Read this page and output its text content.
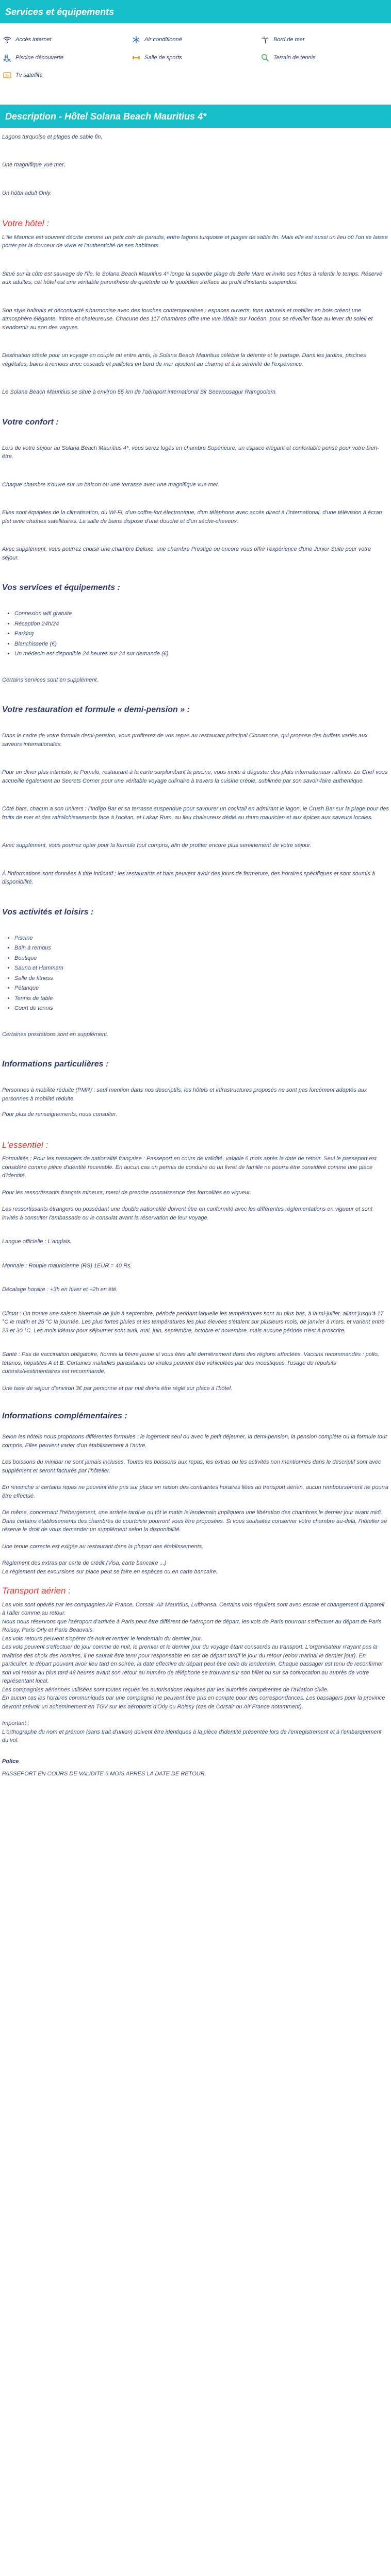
Services et équipements
Accès internet	Air conditionné	Bord de mer
Piscine découverte	Salle de sports	Terrain de tennis
TV Tv satellite
Description - Hôtel Solana Beach Mauritius 4*

Lagons turquoise et plages de sable fin,

Une magnifique vue mer,

Un hôtel adult Only.

Votre hôtel :

L'île Maurice est souvent décrite comme un petit coin de paradis, entre lagons turquoise et plages de sable fin. Mais elle est aussi un lieu où l'on se laisse porter par la douceur de vivre et l'authenticité de ses habitants.

Situé sur la côte est sauvage de l'île, le Solana Beach Mauritius 4* longe la superbe plage de Belle Mare et invite ses hôtes à ralentir le temps. Réservé aux adultes, cet hôtel est une véritable parenthèse de quiétude où le quotidien s'efface au profit d'instants suspendus.

Son style balinais et décontracté s'harmonise avec des touches contemporaines : espaces ouverts, tons naturels et mobilier en bois créent une atmosphère élégante, intime et chaleureuse. Chacune des 117 chambres offre une vue idéale sur l'océan, pour se réveiller face au lever du soleil et s'endormir au son des vagues.

Destination idéale pour un voyage en couple ou entre amis, le Solana Beach Mauritius célèbre la détente et le partage. Dans les jardins, piscines végétales, bains à remous avec cascade et paillotes en bord de mer ajoutent au charme et à la sérénité de l'expérience.

Le Solana Beach Mauritius se situe à environ 55 km de l'aéroport international Sir Seewoosagur Ramgoolam.

Votre confort :

Lors de votre séjour au Solana Beach Mauritius 4*, vous serez logés en chambre Supérieure, un espace élégant et confortable pensé pour votre bien-être.

Chaque chambre s'ouvre sur un balcon ou une terrasse avec une magnifique vue mer.

Elles sont équipées de la climatisation, du Wi-Fi, d'un coffre-fort électronique, d'un téléphone avec accès direct à l'international, d'une télévision à écran plat avec chaînes satellitaires. La salle de bains dispose d'une douche et d'un sèche-cheveux.

Avec supplément, vous pourrez choisir une chambre Deluxe, une chambre Prestige ou encore vous offrir l'expérience d'une Junior Suite pour votre séjour.

Vos services et équipements :
• Connexion wifi gratuite
• Réception 24h/24
• Parking
• Blanchisserie (€)
• Un médecin est disponible 24 heures sur 24 sur demande (€)

Certains services sont en supplément.

Votre restauration et formule « demi-pension » :

Dans le cadre de votre formule demi-pension, vous profiterez de vos repas au restaurant principal Cinnamone, qui propose des buffets variés aux saveurs internationales.

Pour un dîner plus intimiste, le Pomelo, restaurant à la carte surplombant la piscine, vous invite à déguster des plats internationaux raffinés. Le Chef vous accueille également au Secrets Corner pour une véritable voyage culinaire à travers la cuisine créole, sublimée par son savoir-faire authentique.

Côté bars, chacun a son univers : l'Indigo Bar et sa terrasse suspendue pour savourer un cocktail en admirant le lagon, le Crush Bar sur la plage pour des fruits de mer et des rafraîchissements face à l'océan, et Lakaz Rum, au lieu chaleureux dédié au rhum mauricien et aux épices aux saveurs locales.

Avec supplément, vous pourrez opter pour la formule tout compris, afin de profiter encore plus sereinement de votre séjour.

À l'informations sont données à titre indicatif ; les restaurants et bars peuvent avoir des jours de fermeture, des horaires spécifiques et sont soumis à disponibilité.

Vos activités et loisirs :
• Piscine
• Bain à remous
• Boutique
• Sauna et Hammam
• Salle de fitness
• Pétanque
• Tennis de table
• Court de tennis

Certaines prestations sont en supplément.

Informations particulières :

Personnes à mobilité réduite (PMR) : sauf mention dans nos descriptifs, les hôtels et infrastructures proposés ne sont pas forcément adaptés aux personnes à mobilité réduite.

Pour plus de renseignements, nous consulter.

L'essentiel :

Formalités : Pour les passagers de nationalité française : Passeport en cours de validité, valable 6 mois après la date de retour. Seul le passeport est considéré comme pièce d'identité recevable. En aucun cas un permis de conduire ou un livret de famille ne pourra être considéré comme une pièce d'identité.

Pour les ressortissants français mineurs, merci de prendre connaissance des formalités en vigueur.

Les ressortissants étrangers ou possédant une double nationalité doivent être en conformité avec les différentes réglementations en vigueur et sont invités à consulter l'ambassade ou le consulat avant la réservation de leur voyage.

Langue officielle : L'anglais.

Monnaie : Roupie mauricienne (RS) 1EUR = 40 Rs.

Décalage horaire : +3h en hiver et +2h en été.

Climat : On trouve une saison hivernale de juin à septembre, période pendant laquelle les températures sont au plus bas, à la mi-juillet, allant jusqu'à 17 °C le matin et 25 °C la journée. Les plus fortes pluies et les températures les plus élevées s'étalent sur plusieurs mois, de janvier à mars, et varient entre 23 et 30 °C. Les mois idéaux pour séjourner sont avril, mai, juin, septembre, octobre et novembre, mais aucune période n'est à proscrire.

Santé : Pas de vaccination obligatoire, hormis la fièvre jaune si vous êtes allé dernièrement dans des régions affectées. Vaccins recommandés : polio, tétanos, hépatites A et B. Certaines maladies parasitaires ou virales peuvent être véhiculées par des moustiques, l'usage de répulsifs cutanés/vestimentaires est recommandé.

Une taxe de séjour d'environ 3€ par personne et par nuit devra être réglé sur place à l'hôtel.

Informations complémentaires :

Selon les hôtels nous proposons différentes formules : le logement seul ou avec le petit déjeuner, la demi-pension, la pension complète ou la formule tout compris. Elles peuvent varier d'un établissement à l'autre.

Les boissons du minibar ne sont jamais incluses. Toutes les boissons aux repas, les extras ou les activités non mentionnés dans le descriptif sont avec supplément et seront facturés par l'hôtelier.

En revanche si certains repas ne peuvent être pris sur place en raison des contraintes horaires liées au transport aérien, aucun remboursement ne pourra être effectué.

De même, concernant l'hébergement, une arrivée tardive ou tôt le matin le lendemain impliquera une libération des chambres le dernier jour avant midi. Dans certains établissements des chambres de courtoisie pourront vous être proposées. Si vous souhaitez conserver votre chambre au-delà, l'hôtelier se réserve le droit de vous demander un supplément selon la disponibilité.

Une tenue correcte est exigée au restaurant dans la plupart des établissements.

Règlement des extras par carte de crédit (Visa, carte bancaire ...)
Le règlement des excursions sur place peut se faire en espèces ou en carte bancaire.

Transport aérien :

Les vols sont opérés par les compagnies Air France, Corsair, Air Mauritius, Lufthansa. Certains vols réguliers sont avec escale et changement d'appareil à l'aller comme au retour.
Nous nous réservons que l'aéroport d'arrivée à Paris peut être différent de l'aéroport de départ, les vols de Paris pourront s'effectuer au départ de Paris Roissy, Paris Orly et Paris Beauvais.
Les vols retours peuvent s'opérer de nuit et rentrer le lendemain du dernier jour.
Les vols peuvent s'effectuer de jour comme de nuit, le premier et le dernier jour du voyage étant consacrés au transport. L'organisateur n'ayant pas la maîtrise des choix des horaires, il ne saurait être tenu pour responsable en cas de départ tardif le jour du retour (et/ou matinal le dernier jour). En particulier, le départ pouvant avoir lieu tard en soirée, la date effective du départ peut être celle du lendemain. Chaque passager est tenu de reconfirmer son vol retour au plus tard 48 heures avant son retour au numéro de téléphone se trouvant sur son billet ou sur sa convocation au auprès de votre représentant local.
Les compagnies aériennes utilisées sont toutes reçues les autorisations requises par les autorités compétentes de l'aviation civile.
En aucun cas les horaires communiqués par une compagnie ne peuvent être pris en compte pour des correspondances. Les passagers pour la province devront prévoir un acheminement en TGV sur les aéroports d'Orly ou Roissy (cas de Corsair ou Air France notamment).

Important :
L'orthographe du nom et prénom (sans trait d'union) doivent être identiques à la pièce d'identité présentée lors de l'enregistrement et à l'embarquement du vol.

Police
PASSEPORT EN COURS DE VALIDITE 6 MOIS APRES LA DATE DE RETOUR.
